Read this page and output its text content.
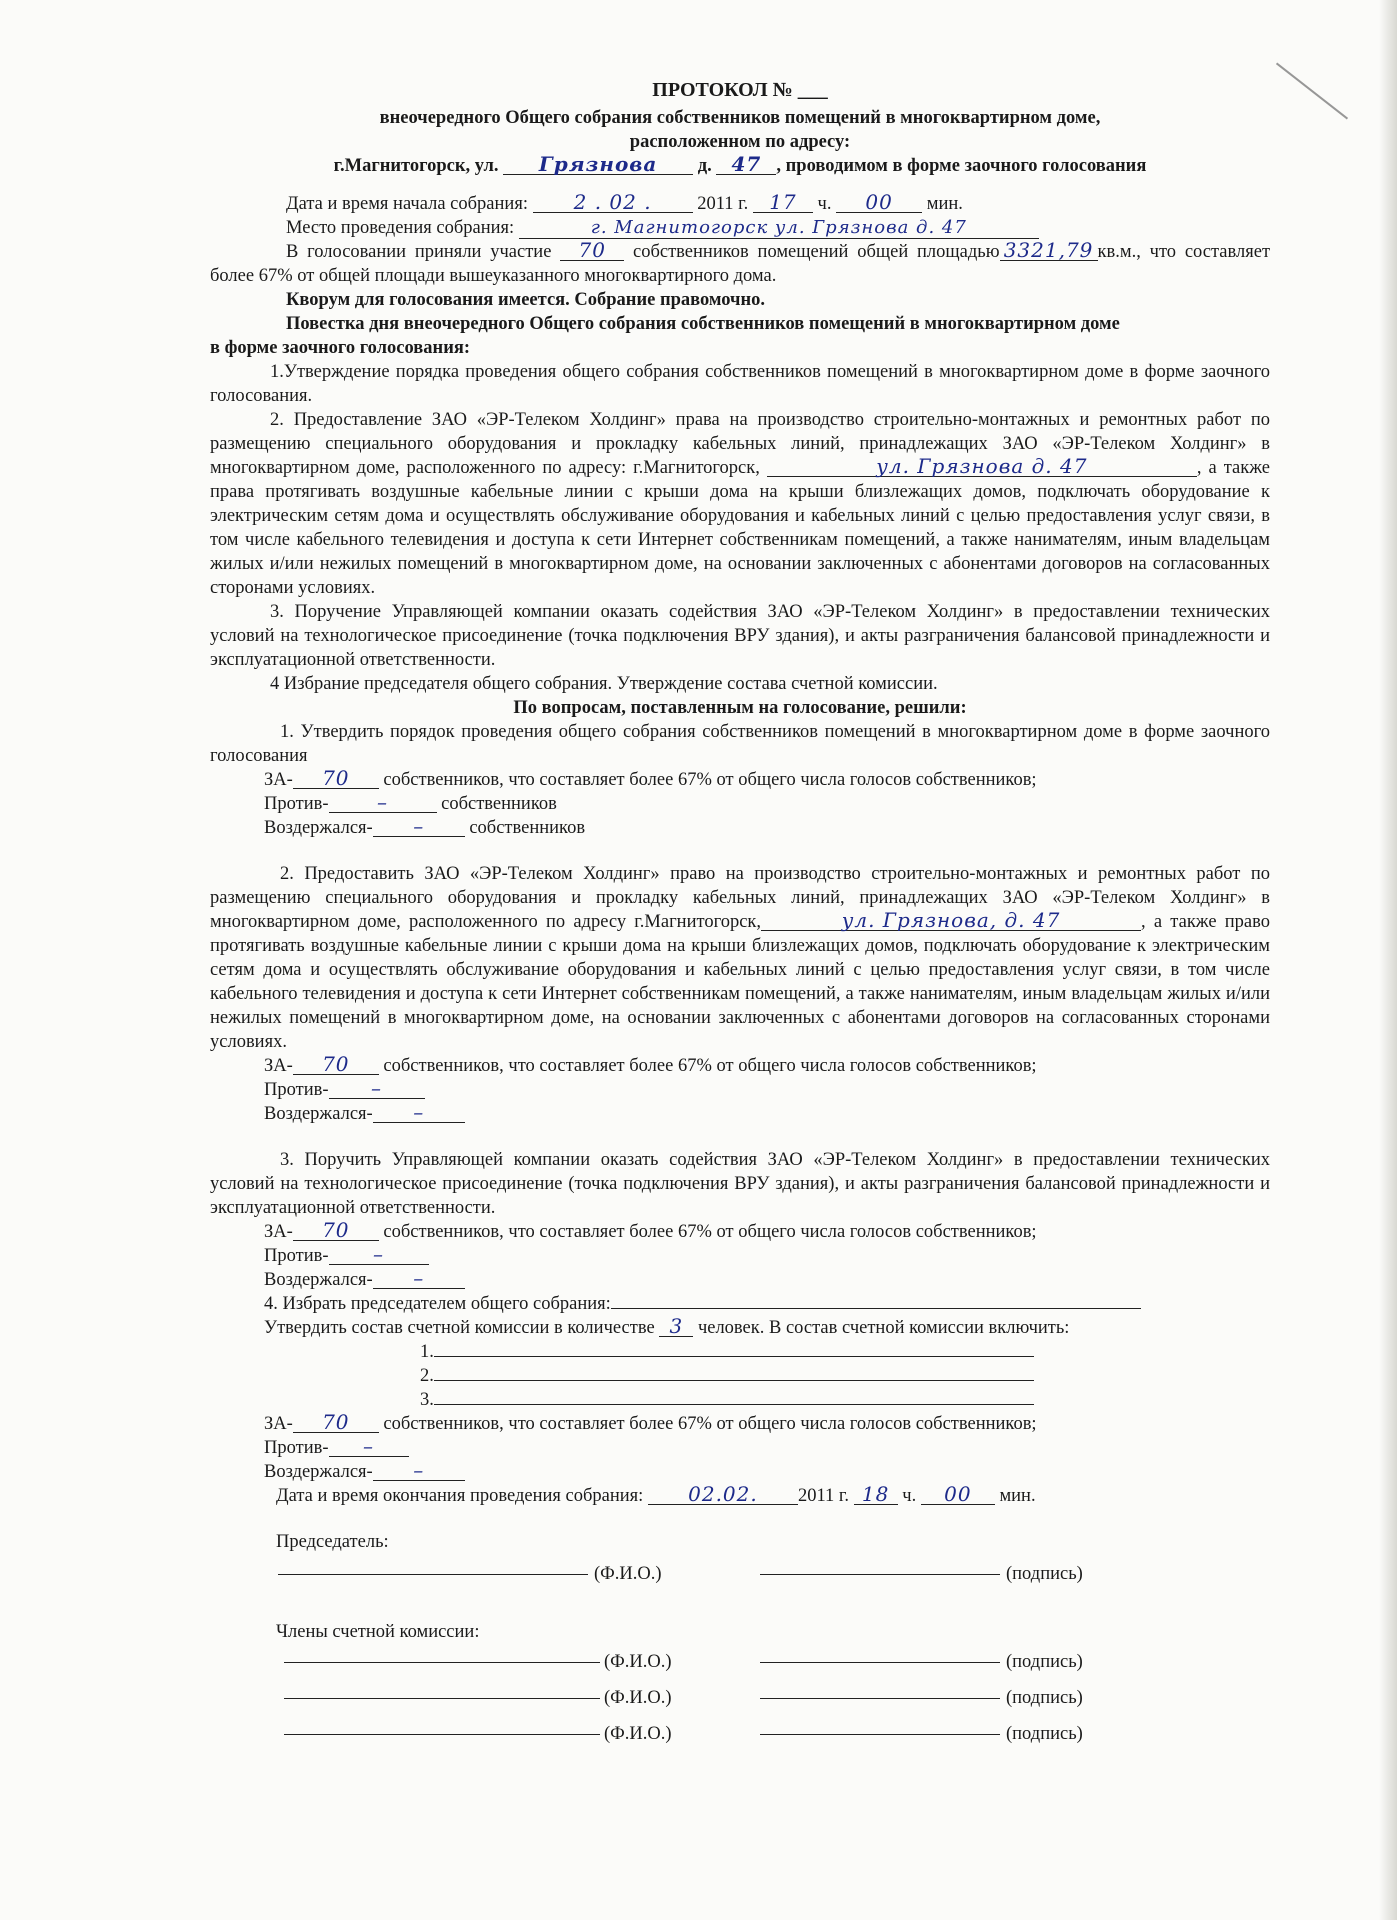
ПРОТОКОЛ № ___
внеочередного Общего собрания собственников помещений в многоквартирном доме,
расположенном по адресу:
г.Магнитогорск, ул. Грязнова д. 47 , проводимом в форме заочного голосования
Дата и время начала собрания: 2 . 02 . 2011 г. 17 ч. 00 мин.
Место проведения собрания:	г. Магнитогорск ул. Грязнова д. 47
В голосовании приняли участие 70 собственников помещений общей площадью 3321,79 кв.м., что составляет более 67% от общей площади вышеуказанного многоквартирного дома.
Кворум для голосования имеется. Собрание правомочно.
Повестка дня внеочередного Общего собрания собственников помещений в многоквартирном доме
в форме заочного голосования:
1.Утверждение порядка проведения общего собрания собственников помещений в многоквартирном доме в форме заочного голосования.
2. Предоставление ЗАО «ЭР-Телеком Холдинг» права на производство строительно-монтажных и ремонтных работ по размещению специального оборудования и прокладку кабельных линий, принадлежащих ЗАО «ЭР-Телеком Холдинг» в многоквартирном доме, расположенного по адресу: г.Магнитогорск,	ул. Грязнова д. 47	, а также права протягивать воздушные кабельные линии с крыши дома на крыши близлежащих домов, подключать оборудование к электрическим сетям дома и осуществлять обслуживание оборудования и кабельных линий с целью предоставления услуг связи, в том числе кабельного телевидения и доступа к сети Интернет собственникам помещений, а также нанимателям, иным владельцам жилых и/или нежилых помещений в многоквартирном доме, на основании заключенных с абонентами договоров на согласованных сторонами условиях.
3. Поручение Управляющей компании оказать содействия ЗАО «ЭР-Телеком Холдинг» в предоставлении технических условий на технологическое присоединение (точка подключения ВРУ здания), и акты разграничения балансовой принадлежности и эксплуатационной ответственности.
4 Избрание председателя общего собрания. Утверждение состава счетной комиссии.
По вопросам, поставленным на голосование, решили:
1. Утвердить порядок проведения общего собрания собственников помещений в многоквартирном доме в форме заочного голосования
ЗА- 70 собственников, что составляет более 67% от общего числа голосов собственников;
Против- –	собственников
Воздержался- – собственников
2. Предоставить ЗАО «ЭР-Телеком Холдинг» право на производство строительно-монтажных и ремонтных работ по размещению специального оборудования и прокладку кабельных линий, принадлежащих ЗАО «ЭР-Телеком Холдинг» в многоквартирном доме, расположенного по адресу г.Магнитогорск,	ул. Грязнова, д. 47	, а также право протягивать воздушные кабельные линии с крыши дома на крыши близлежащих домов, подключать оборудование к электрическим сетям дома и осуществлять обслуживание оборудования и кабельных линий с целью предоставления услуг связи, в том числе кабельного телевидения и доступа к сети Интернет собственникам помещений, а также нанимателям, иным владельцам жилых и/или нежилых помещений в многоквартирном доме, на основании заключенных с абонентами договоров на согласованных сторонами условиях.
ЗА- 70 собственников, что составляет более 67% от общего числа голосов собственников;
Против- –
Воздержался- –
3. Поручить Управляющей компании оказать содействия ЗАО «ЭР-Телеком Холдинг» в предоставлении технических условий на технологическое присоединение (точка подключения ВРУ здания), и акты разграничения балансовой принадлежности и эксплуатационной ответственности.
ЗА- 70 собственников, что составляет более 67% от общего числа голосов собственников;
Против- –
Воздержался- –
4. Избрать председателем общего собрания:
Утвердить состав счетной комиссии в количестве 3 человек. В состав счетной комиссии включить:
1.
2.
3.
ЗА- 70 собственников, что составляет более 67% от общего числа голосов собственников;
Против- –
Воздержался- –
Дата и время окончания проведения собрания: 02.02. 2011 г. 18 ч. 00 мин.
Председатель:
(Ф.И.О.)	(подпись)
Члены счетной комиссии:
(Ф.И.О.)	(подпись)
(Ф.И.О.)	(подпись)
(Ф.И.О.)	(подпись)
